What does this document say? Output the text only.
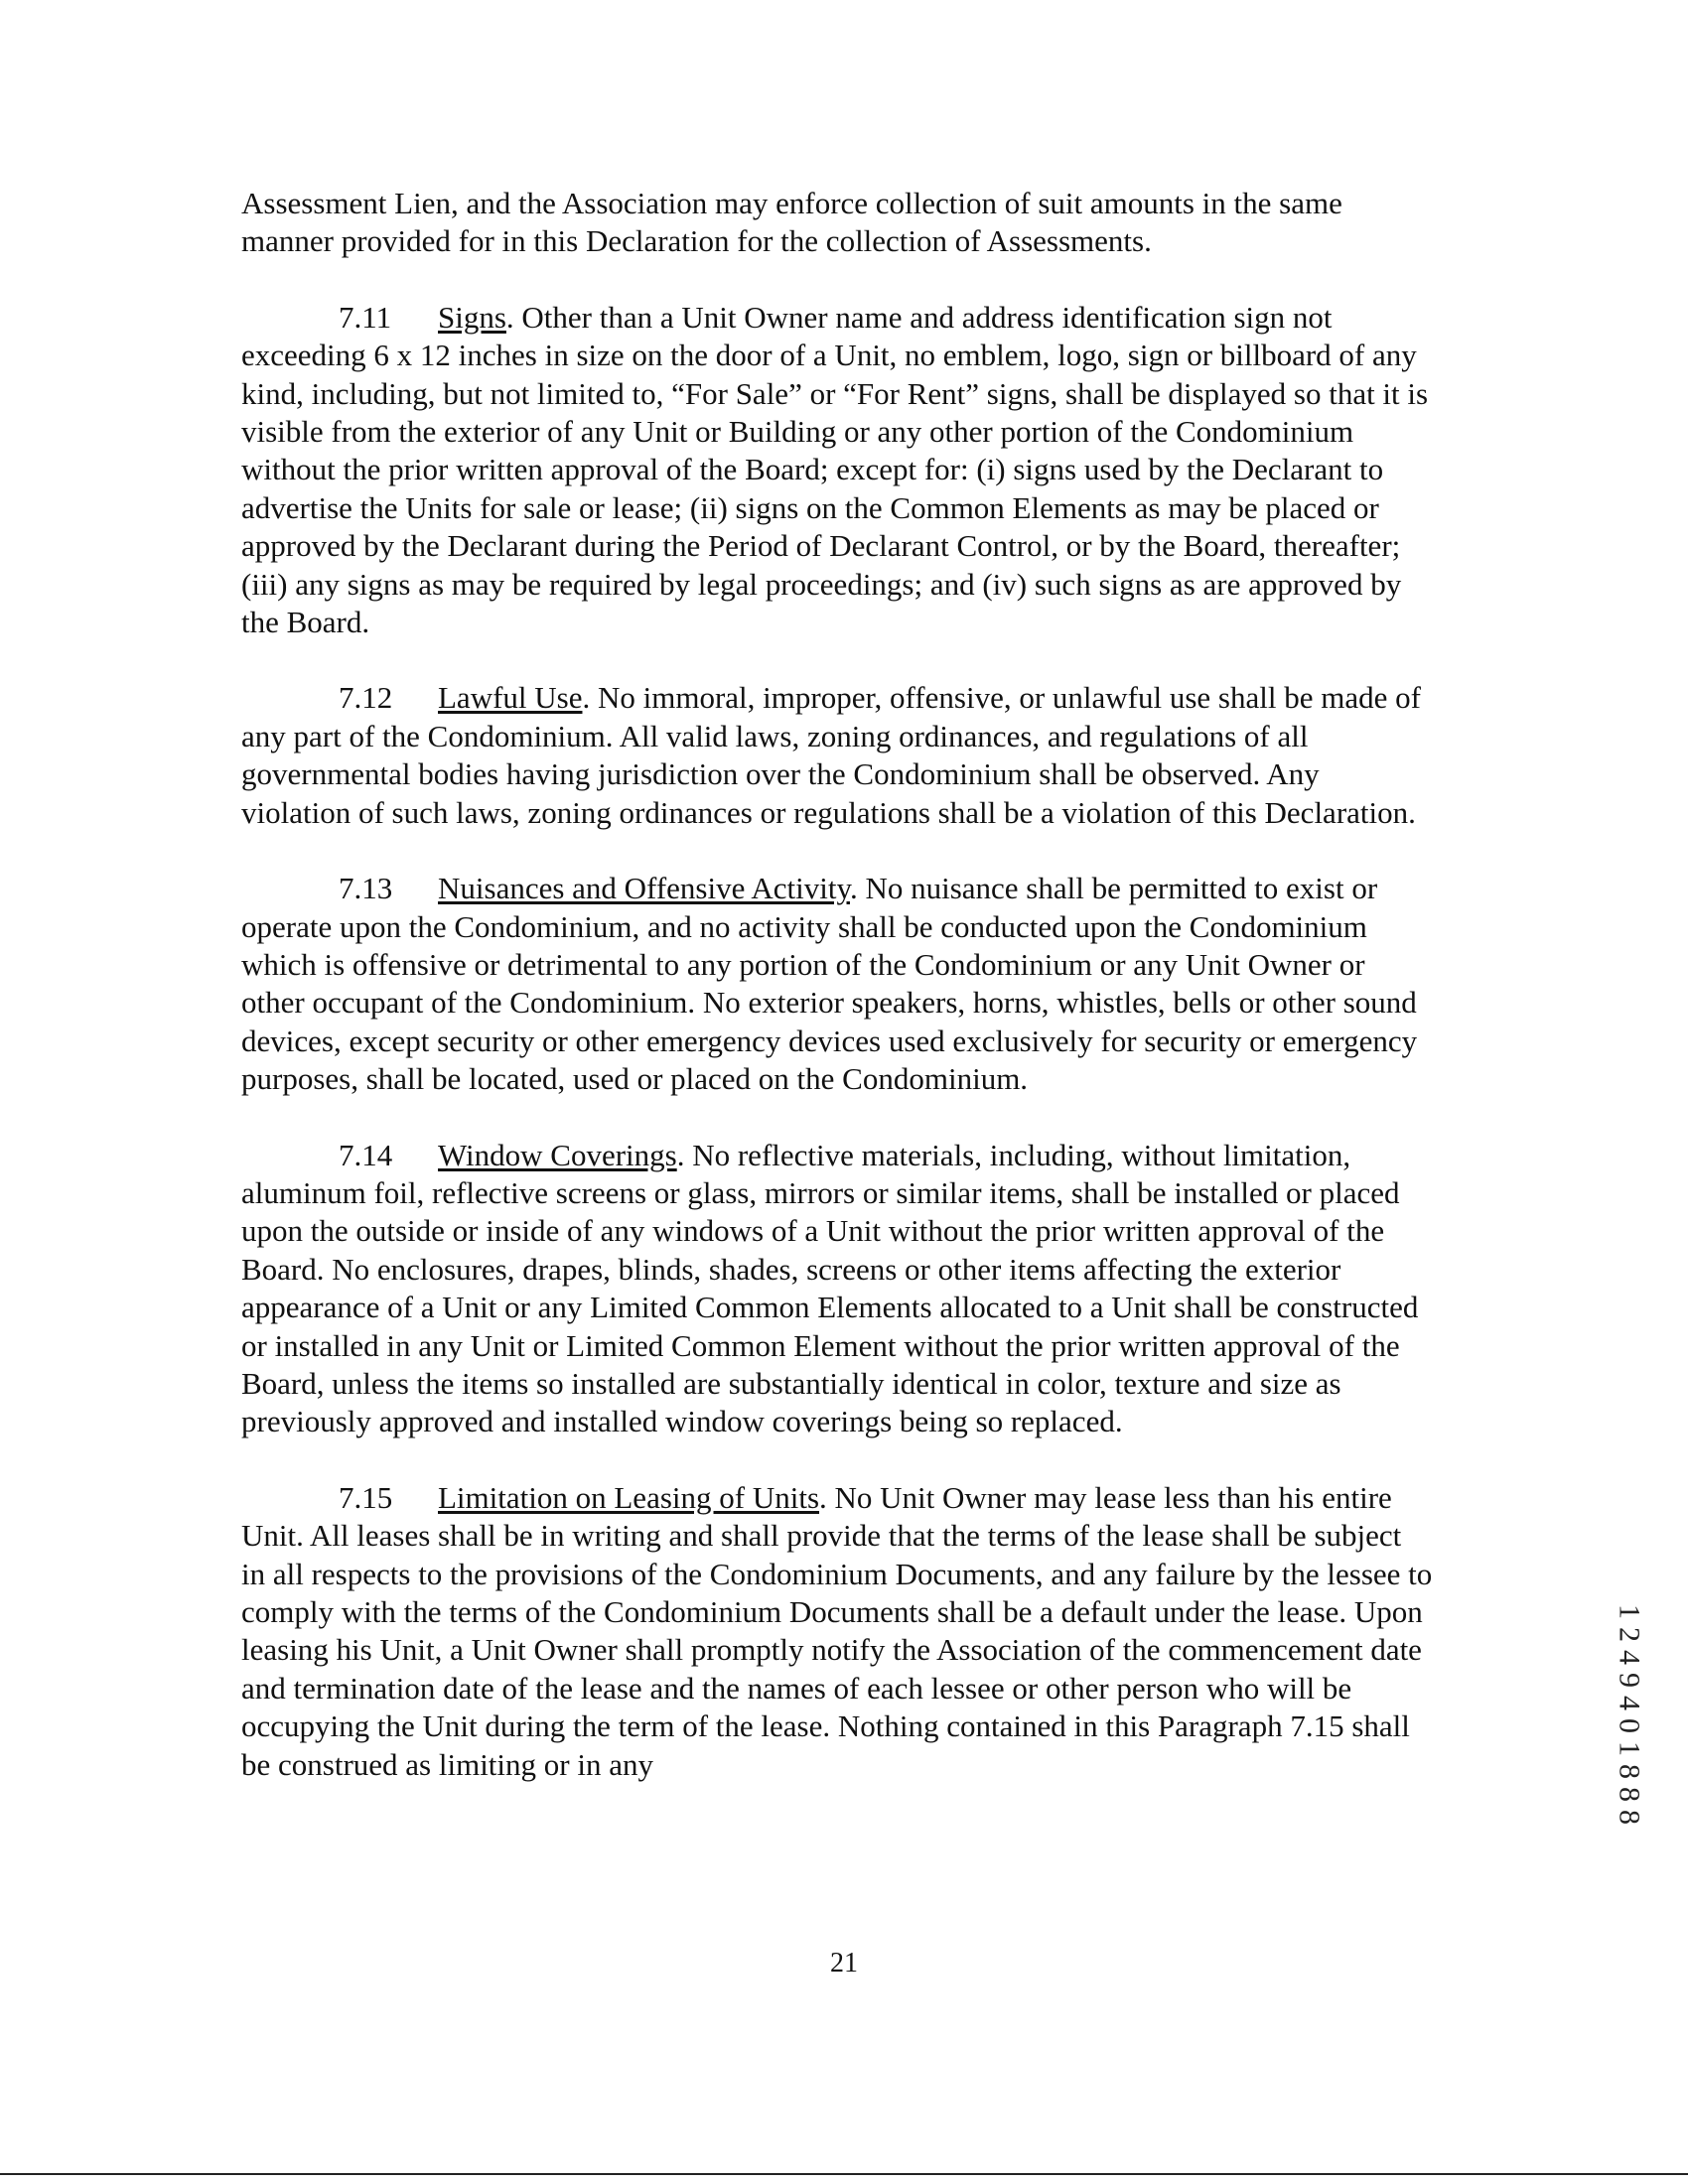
Assessment Lien, and the Association may enforce collection of suit amounts in the same manner provided for in this Declaration for the collection of Assessments.

7.11 Signs. Other than a Unit Owner name and address identification sign not exceeding 6 x 12 inches in size on the door of a Unit, no emblem, logo, sign or billboard of any kind, including, but not limited to, “For Sale” or “For Rent” signs, shall be displayed so that it is visible from the exterior of any Unit or Building or any other portion of the Condominium without the prior written approval of the Board; except for: (i) signs used by the Declarant to advertise the Units for sale or lease; (ii) signs on the Common Elements as may be placed or approved by the Declarant during the Period of Declarant Control, or by the Board, thereafter; (iii) any signs as may be required by legal proceedings; and (iv) such signs as are approved by the Board.

7.12 Lawful Use. No immoral, improper, offensive, or unlawful use shall be made of any part of the Condominium. All valid laws, zoning ordinances, and regulations of all governmental bodies having jurisdiction over the Condominium shall be observed. Any violation of such laws, zoning ordinances or regulations shall be a violation of this Declaration.

7.13 Nuisances and Offensive Activity. No nuisance shall be permitted to exist or operate upon the Condominium, and no activity shall be conducted upon the Condominium which is offensive or detrimental to any portion of the Condominium or any Unit Owner or other occupant of the Condominium. No exterior speakers, horns, whistles, bells or other sound devices, except security or other emergency devices used exclusively for security or emergency purposes, shall be located, used or placed on the Condominium.

7.14 Window Coverings. No reflective materials, including, without limitation, aluminum foil, reflective screens or glass, mirrors or similar items, shall be installed or placed upon the outside or inside of any windows of a Unit without the prior written approval of the Board. No enclosures, drapes, blinds, shades, screens or other items affecting the exterior appearance of a Unit or any Limited Common Elements allocated to a Unit shall be constructed or installed in any Unit or Limited Common Element without the prior written approval of the Board, unless the items so installed are substantially identical in color, texture and size as previously approved and installed window coverings being so replaced.

7.15 Limitation on Leasing of Units. No Unit Owner may lease less than his entire Unit. All leases shall be in writing and shall provide that the terms of the lease shall be subject in all respects to the provisions of the Condominium Documents, and any failure by the lessee to comply with the terms of the Condominium Documents shall be a default under the lease. Upon leasing his Unit, a Unit Owner shall promptly notify the Association of the commencement date and termination date of the lease and the names of each lessee or other person who will be occupying the Unit during the term of the lease. Nothing contained in this Paragraph 7.15 shall be construed as limiting or in any

21
1
2
4
9
4
0
1
8
8
8
